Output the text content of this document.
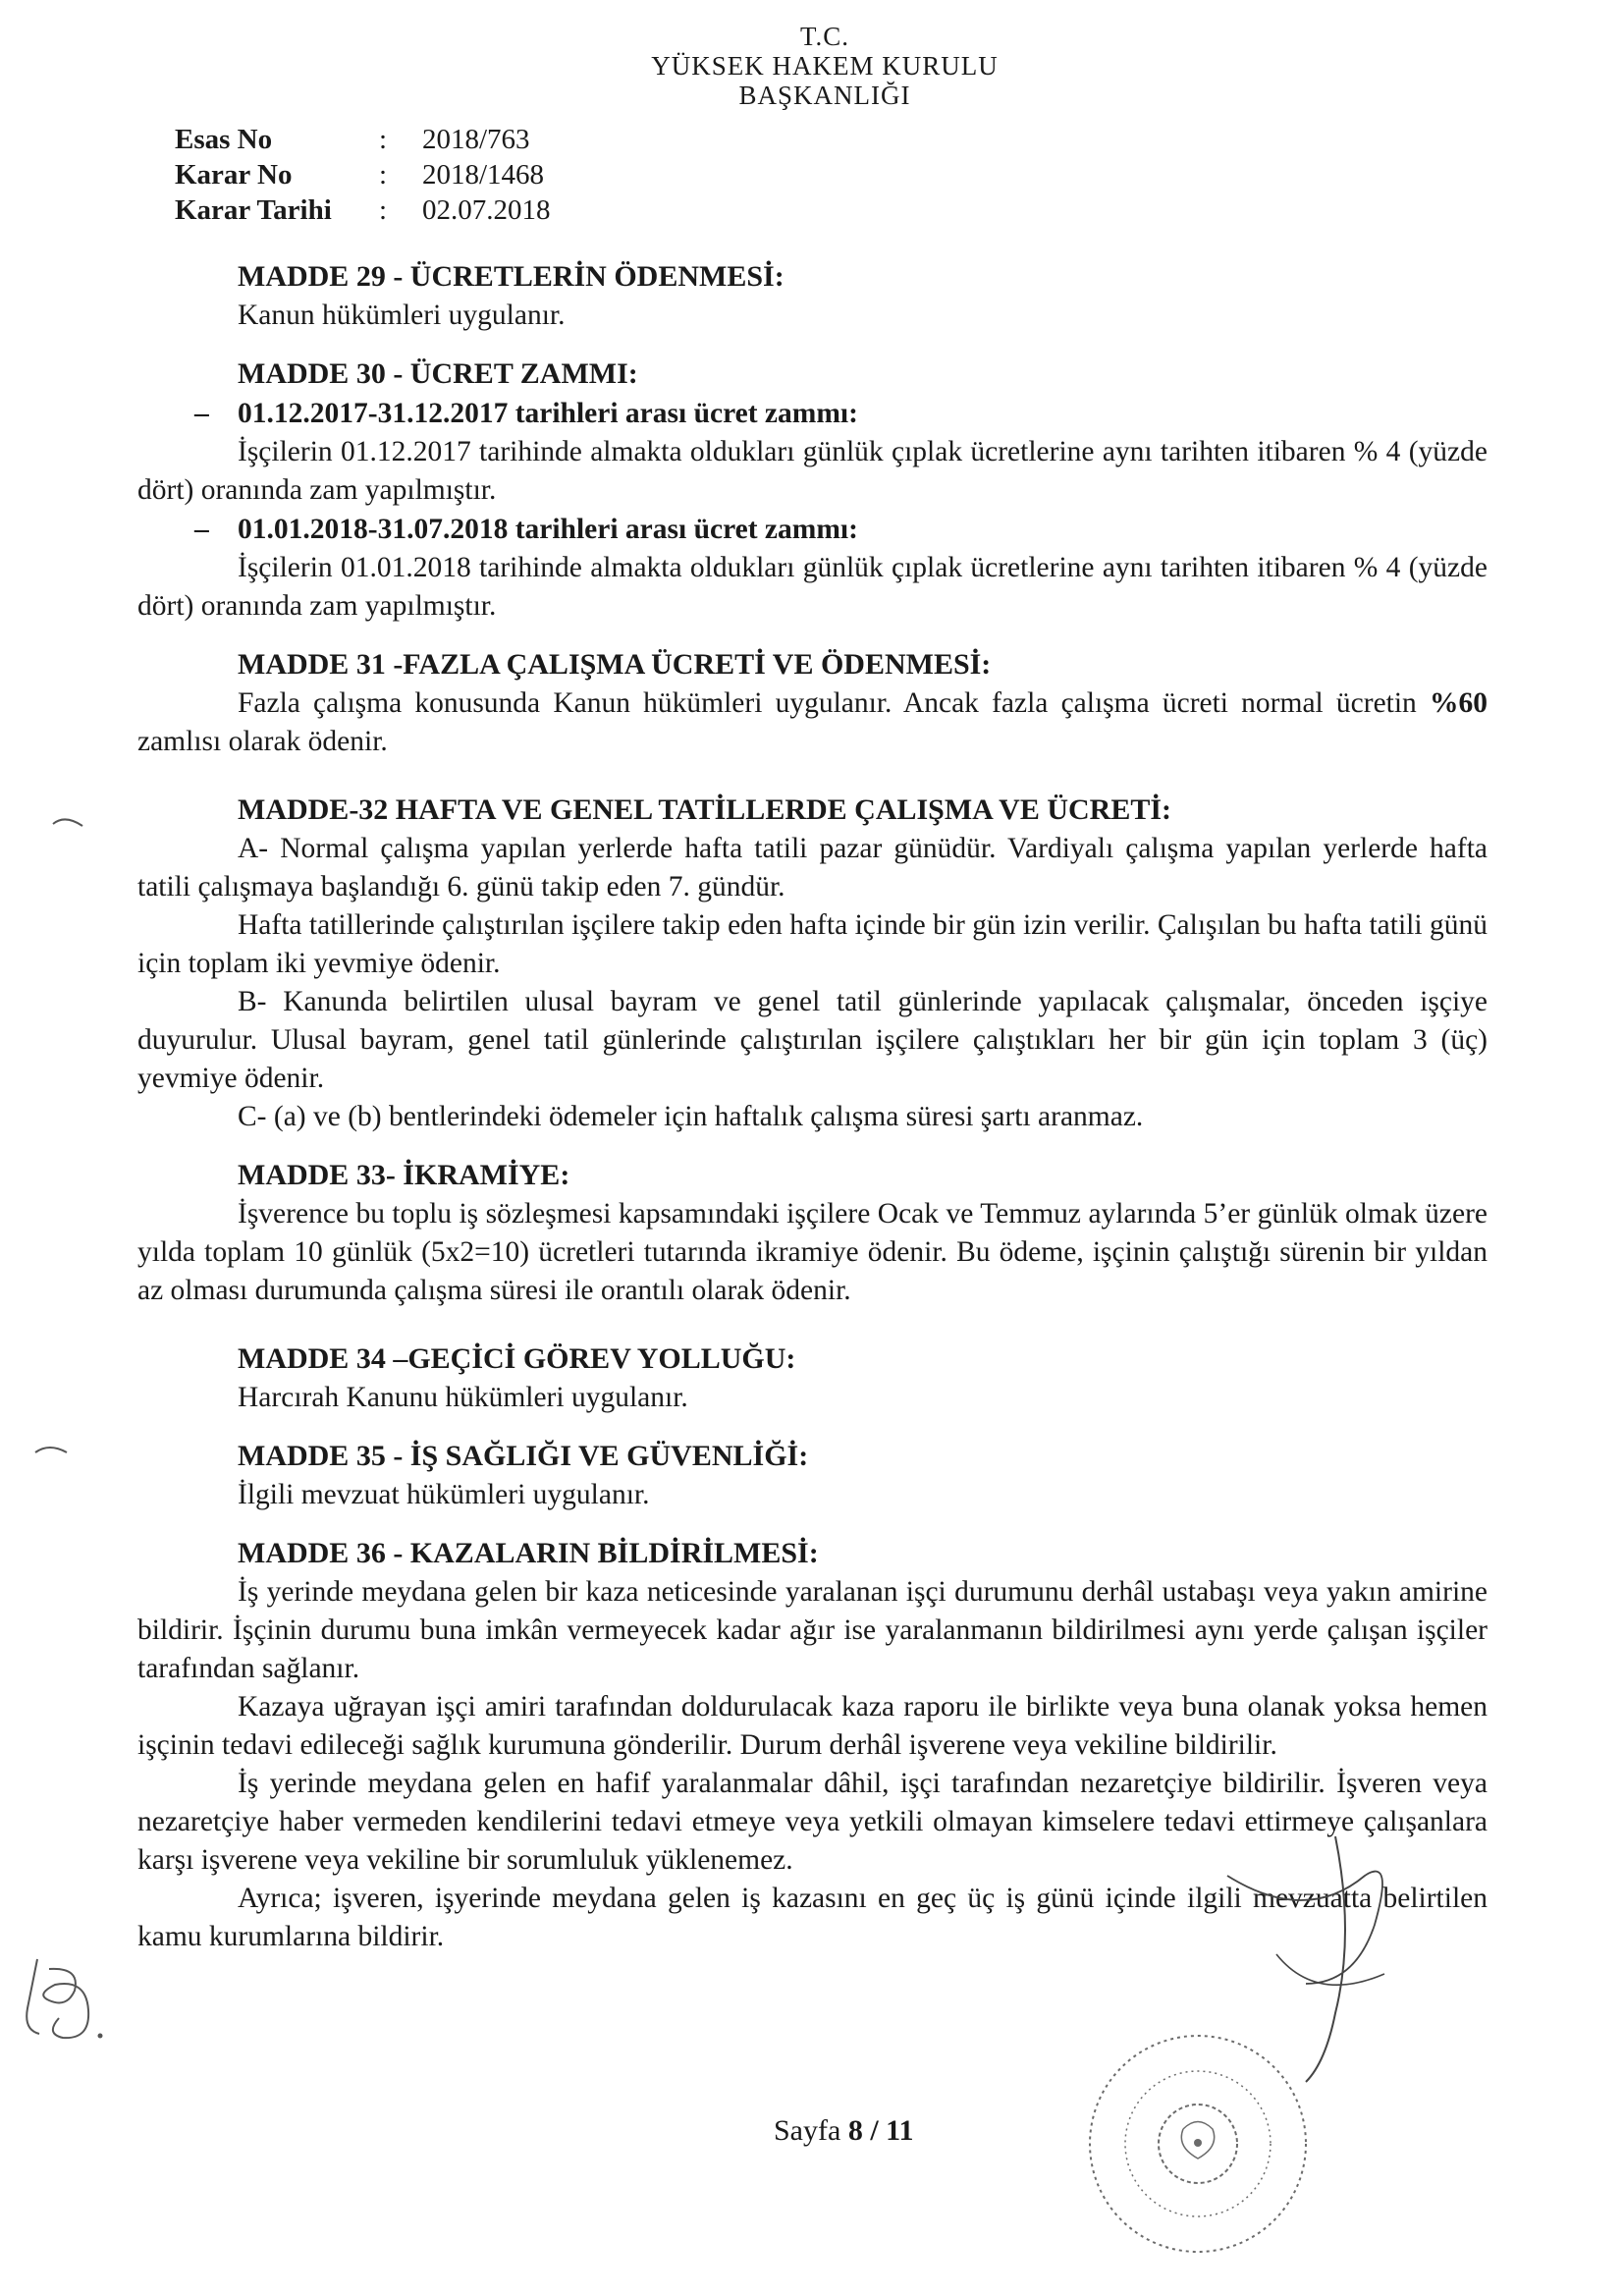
T.C.
YÜKSEK HAKEM KURULU
BAŞKANLIĞI
Esas No	:	2018/763
Karar No	:	2018/1468
Karar Tarihi	:	02.07.2018
MADDE 29 - ÜCRETLERİN ÖDENMESİ:
Kanun hükümleri uygulanır.
MADDE 30 - ÜCRET ZAMMI:
– 01.12.2017-31.12.2017 tarihleri arası ücret zammı:
İşçilerin 01.12.2017 tarihinde almakta oldukları günlük çıplak ücretlerine aynı tarihten itibaren % 4 (yüzde dört) oranında zam yapılmıştır.
– 01.01.2018-31.07.2018 tarihleri arası ücret zammı:
İşçilerin 01.01.2018 tarihinde almakta oldukları günlük çıplak ücretlerine aynı tarihten itibaren % 4 (yüzde dört) oranında zam yapılmıştır.
MADDE 31 -FAZLA ÇALIŞMA ÜCRETİ VE ÖDENMESİ:
Fazla çalışma konusunda Kanun hükümleri uygulanır. Ancak fazla çalışma ücreti normal ücretin %60 zamlısı olarak ödenir.
MADDE-32 HAFTA VE GENEL TATİLLERDE ÇALIŞMA VE ÜCRETİ:
A- Normal çalışma yapılan yerlerde hafta tatili pazar günüdür. Vardiyalı çalışma yapılan yerlerde hafta tatili çalışmaya başlandığı 6. günü takip eden 7. gündür.
Hafta tatillerinde çalıştırılan işçilere takip eden hafta içinde bir gün izin verilir. Çalışılan bu hafta tatili günü için toplam iki yevmiye ödenir.
B- Kanunda belirtilen ulusal bayram ve genel tatil günlerinde yapılacak çalışmalar, önceden işçiye duyurulur. Ulusal bayram, genel tatil günlerinde çalıştırılan işçilere çalıştıkları her bir gün için toplam 3 (üç) yevmiye ödenir.
C- (a) ve (b) bentlerindeki ödemeler için haftalık çalışma süresi şartı aranmaz.
MADDE 33- İKRAMİYE:
İşverence bu toplu iş sözleşmesi kapsamındaki işçilere Ocak ve Temmuz aylarında 5’er günlük olmak üzere yılda toplam 10 günlük (5x2=10) ücretleri tutarında ikramiye ödenir. Bu ödeme, işçinin çalıştığı sürenin bir yıldan az olması durumunda çalışma süresi ile orantılı olarak ödenir.
MADDE 34 –GEÇİCİ GÖREV YOLLUĞU:
Harcırah Kanunu hükümleri uygulanır.
MADDE 35 - İŞ SAĞLIĞI VE GÜVENLİĞİ:
İlgili mevzuat hükümleri uygulanır.
MADDE 36 - KAZALARIN BİLDİRİLMESİ:
İş yerinde meydana gelen bir kaza neticesinde yaralanan işçi durumunu derhâl ustabaşı veya yakın amirine bildirir. İşçinin durumu buna imkân vermeyecek kadar ağır ise yaralanmanın bildirilmesi aynı yerde çalışan işçiler tarafından sağlanır.
Kazaya uğrayan işçi amiri tarafından doldurulacak kaza raporu ile birlikte veya buna olanak yoksa hemen işçinin tedavi edileceği sağlık kurumuna gönderilir. Durum derhâl işverene veya vekiline bildirilir.
İş yerinde meydana gelen en hafif yaralanmalar dâhil, işçi tarafından nezaretçiye bildirilir. İşveren veya nezaretçiye haber vermeden kendilerini tedavi etmeye veya yetkili olmayan kimselere tedavi ettirmeye çalışanlara karşı işverene veya vekiline bir sorumluluk yüklenemez.
Ayrıca; işveren, işyerinde meydana gelen iş kazasını en geç üç iş günü içinde ilgili mevzuatta belirtilen kamu kurumlarına bildirir.
Sayfa 8 / 11
